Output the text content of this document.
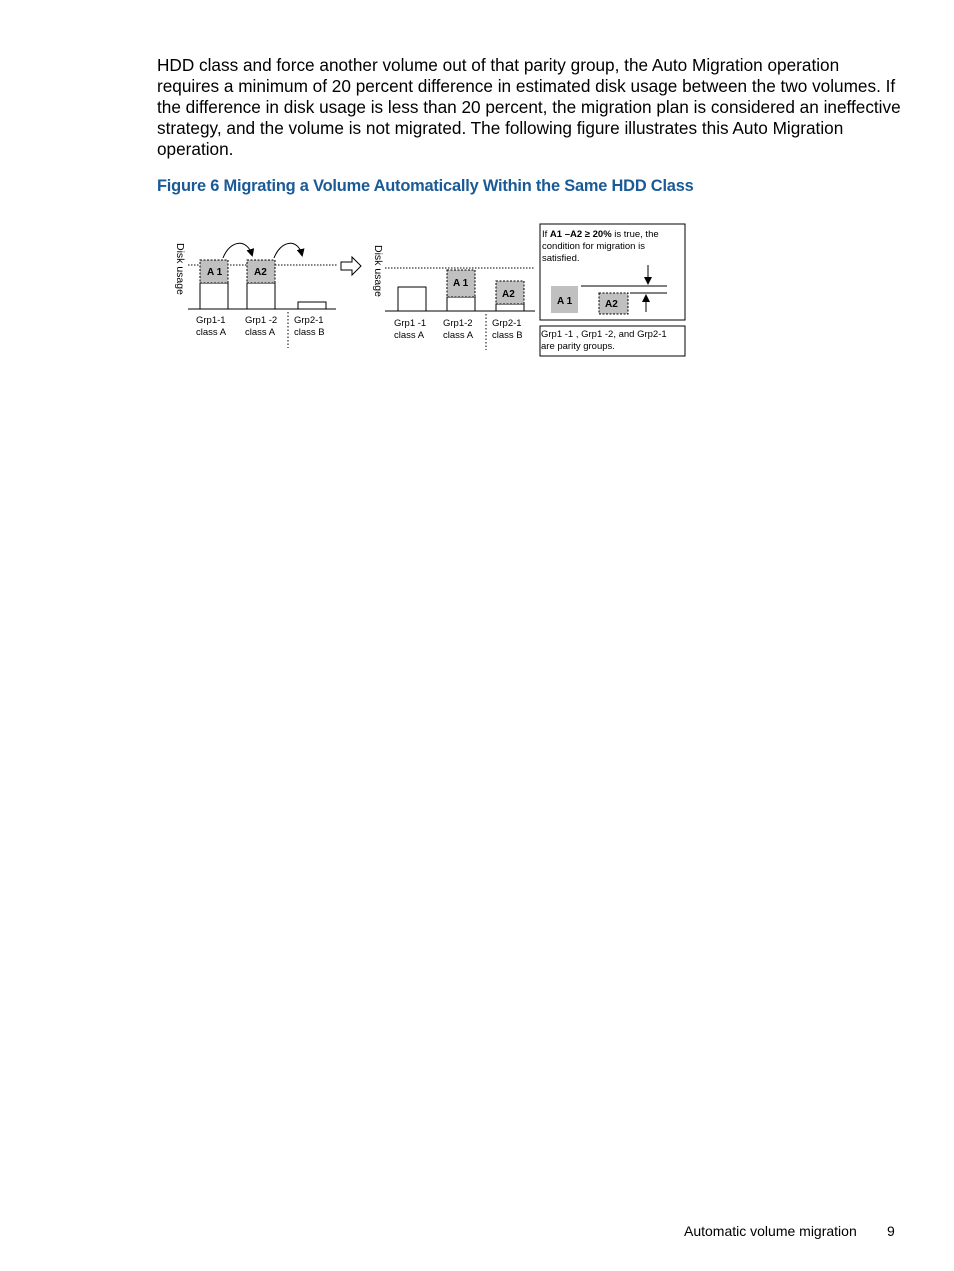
HDD class and force another volume out of that parity group, the Auto Migration operation requires a minimum of 20 percent difference in estimated disk usage between the two volumes. If the difference in disk usage is less than 20 percent, the migration plan is considered an ineffective strategy, and the volume is not migrated. The following figure illustrates this Auto Migration operation.

Figure 6 Migrating a Volume Automatically Within the Same HDD Class
Disk usage A 1	A2
Grp1-1
class A
Grp1 -2
class A
Grp2-1
class B
Disk usage	A 1
A2
Grp1 -1
class A
Grp1-2
class A
Grp2-1
class B
If A1 –A2 ≥ 20% is true, the
condition for migration is
satisfied.
A 1	A2
Grp1 -1 , Grp1 -2, and Grp2-1
are parity groups.
Automatic volume migration 9
